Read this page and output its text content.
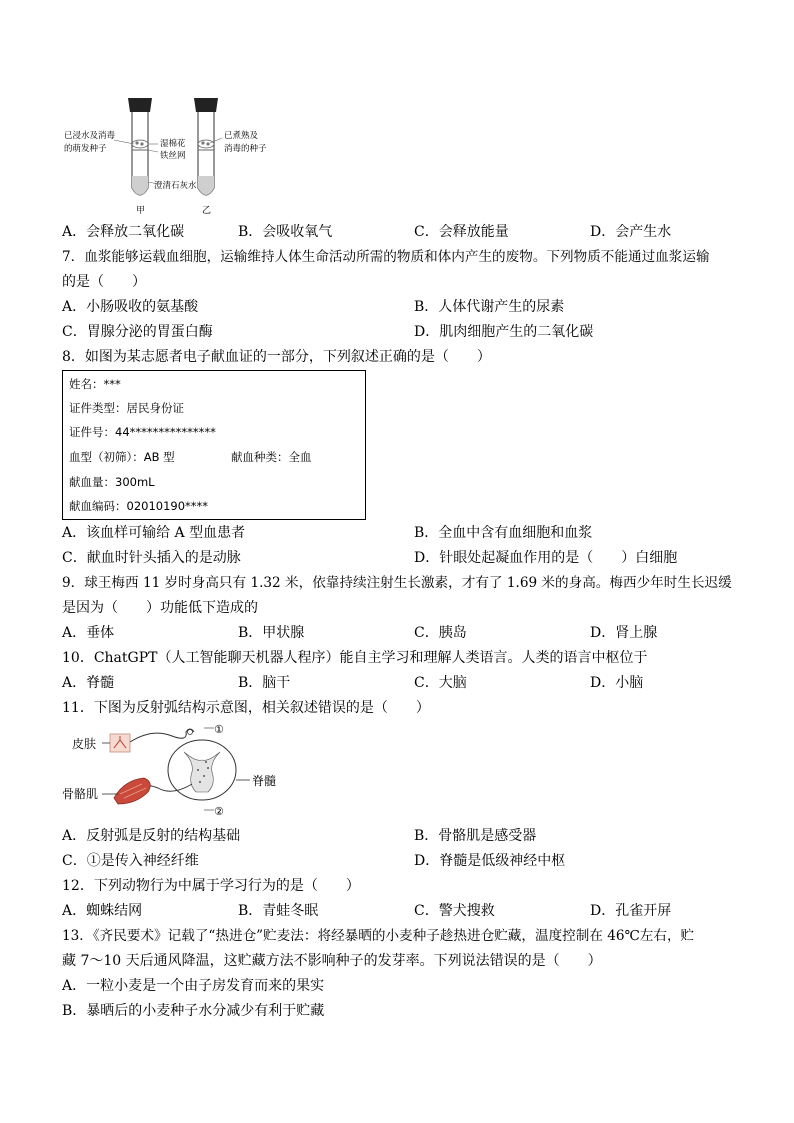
已浸水及消毒
的萌发种子	湿棉花
铁丝网
澄清石灰水
已煮熟及
消毒的种子
甲	乙
A．会释放二氧化碳	B．会吸收氧气	C．会释放能量	D．会产生水
7．血浆能够运载血细胞，运输维持人体生命活动所需的物质和体内产生的废物。下列物质不能通过血浆运输
的是（　　）
A．小肠吸收的氨基酸	B．人体代谢产生的尿素
C．胃腺分泌的胃蛋白酶	D．肌肉细胞产生的二氧化碳
8．如图为某志愿者电子献血证的一部分，下列叙述正确的是（　　）
姓名：***
证件类型：居民身份证
证件号：44***************
血型（初筛）：AB 型	献血种类：全血
献血量：300mL
献血编码：02010190****
A．该血样可输给 A 型血患者	B．全血中含有血细胞和血浆
C．献血时针头插入的是动脉	D．针眼处起凝血作用的是（　　）白细胞
9．球王梅西 11 岁时身高只有 1.32 米，依靠持续注射生长激素，才有了 1.69 米的身高。梅西少年时生长迟缓
是因为（　　）功能低下造成的
A．垂体	B．甲状腺	C．胰岛	D．肾上腺
10．ChatGPT（人工智能聊天机器人程序）能自主学习和理解人类语言。人类的语言中枢位于
A．脊髓	B．脑干	C．大脑	D．小脑
11．下图为反射弧结构示意图，相关叙述错误的是（　　）
皮肤
骨骼肌
脊髓
①
②
A．反射弧是反射的结构基础	B．骨骼肌是感受器
C．①是传入神经纤维	D．脊髓是低级神经中枢
12．下列动物行为中属于学习行为的是（　　）
A．蜘蛛结网	B．青蛙冬眠	C．警犬搜救	D．孔雀开屏
13．《齐民要术》记载了“热进仓”贮麦法：将经暴晒的小麦种子趁热进仓贮藏，温度控制在 46℃左右，贮
藏 7～10 天后通风降温，这贮藏方法不影响种子的发芽率。下列说法错误的是（　　）
A．一粒小麦是一个由子房发育而来的果实
B．暴晒后的小麦种子水分减少有利于贮藏
